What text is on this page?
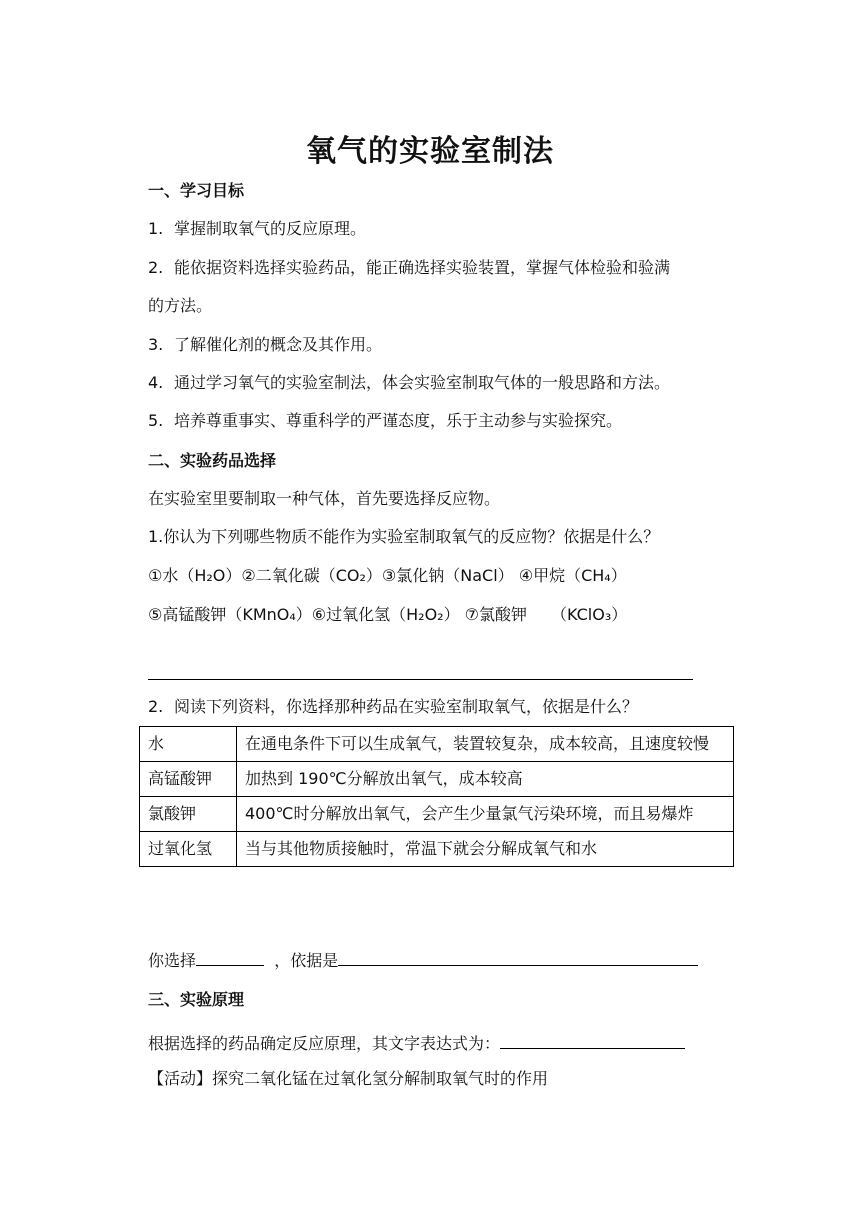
氧气的实验室制法
一、学习目标
1. 掌握制取氧气的反应原理。
2. 能依据资料选择实验药品，能正确选择实验装置，掌握气体检验和验满
的方法。
3. 了解催化剂的概念及其作用。
4. 通过学习氧气的实验室制法，体会实验室制取气体的一般思路和方法。
5. 培养尊重事实、尊重科学的严谨态度，乐于主动参与实验探究。
二、实验药品选择
在实验室里要制取一种气体，首先要选择反应物。
1.你认为下列哪些物质不能作为实验室制取氧气的反应物？依据是什么？
①水（H₂O）②二氧化碳（CO₂）③氯化钠（NaCl） ④甲烷（CH₄）
⑤高锰酸钾（KMnO₄）⑥过氧化氢（H₂O₂） ⑦氯酸钾　　（KClO₃）
2. 阅读下列资料，你选择那种药品在实验室制取氧气，依据是什么？
水	在通电条件下可以生成氧气，装置较复杂，成本较高，且速度较慢
高锰酸钾	加热到 190℃分解放出氧气，成本较高
氯酸钾	400℃时分解放出氧气，会产生少量氯气污染环境，而且易爆炸
过氧化氢	当与其他物质接触时，常温下就会分解成氧气和水
你选择	，依据是
三、实验原理
根据选择的药品确定反应原理，其文字表达式为：
【活动】探究二氧化锰在过氧化氢分解制取氧气时的作用
